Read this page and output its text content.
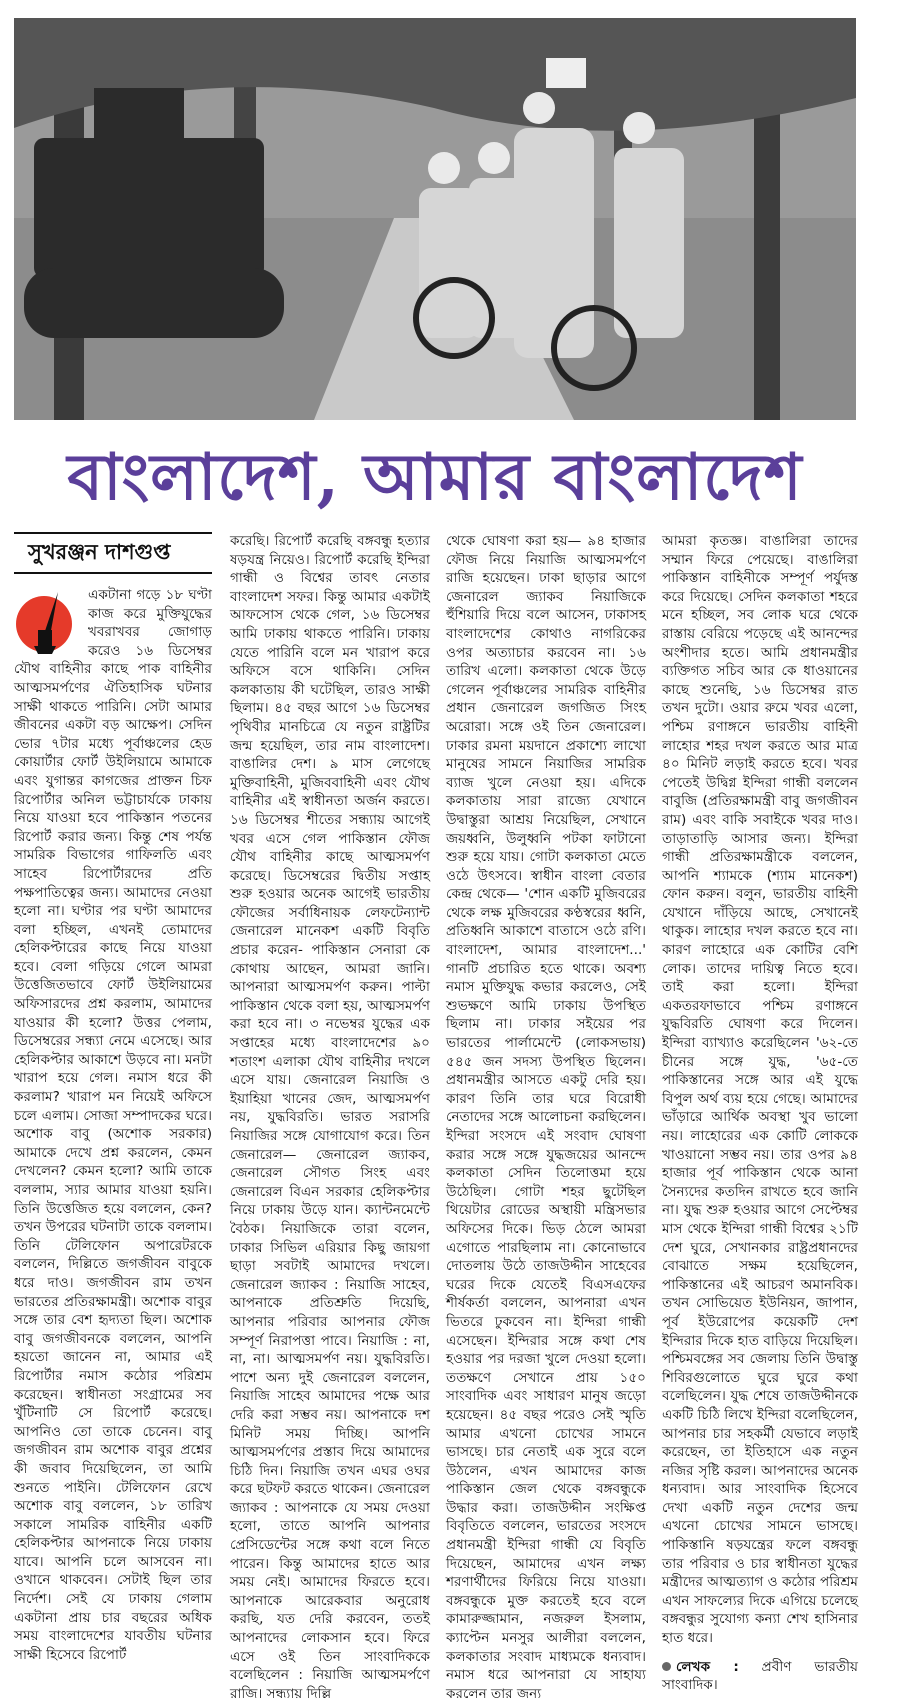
বাংলাদেশ, আমার বাংলাদেশ
সুখরঞ্জন দাশগুপ্ত

একটানা গড়ে ১৮ ঘণ্টা কাজ করে মুক্তিযুদ্ধের খবরাখবর জোগাড় করেও ১৬ ডিসেম্বর যৌথ বাহিনীর কাছে পাক বাহিনীর আত্মসমর্পণের ঐতিহাসিক ঘটনার সাক্ষী থাকতে পারিনি। সেটা আমার জীবনের একটা বড় আক্ষেপ। সেদিন ভোর ৭টার মধ্যে পূর্বাঞ্চলের হেড কোয়ার্টার ফোর্ট উইলিয়ামে আমাকে এবং যুগান্তর কাগজের প্রাক্তন চিফ রিপোর্টার অনিল ভট্টাচার্যকে ঢাকায় নিয়ে যাওয়া হবে পাকিস্তান পতনের রিপোর্ট করার জন্য। কিন্তু শেষ পর্যন্ত সামরিক বিভাগের গাফিলতি এবং সাহেব রিপোর্টারদের প্রতি পক্ষপাতিত্বের জন্য। আমাদের নেওয়া হলো না। ঘণ্টার পর ঘণ্টা আমাদের বলা হচ্ছিল, এখনই তোমাদের হেলিকপ্টারের কাছে নিয়ে যাওয়া হবে। বেলা গড়িয়ে গেলে আমরা উত্তেজিতভাবে ফোর্ট উইলিয়ামের অফিসারদের প্রশ্ন করলাম, আমাদের যাওয়ার কী হলো? উত্তর পেলাম, ডিসেম্বরের সন্ধ্যা নেমে এসেছে। আর হেলিকপ্টার আকাশে উড়বে না। মনটা খারাপ হয়ে গেল। নমাস ধরে কী করলাম? খারাপ মন নিয়েই অফিসে চলে এলাম। সোজা সম্পাদকের ঘরে। অশোক বাবু (অশোক সরকার) আমাকে দেখে প্রশ্ন করলেন, কেমন দেখলেন? কেমন হলো? আমি তাকে বললাম, স্যার আমার যাওয়া হয়নি। তিনি উত্তেজিত হয়ে বললেন, কেন? তখন উপরের ঘটনাটা তাকে বললাম। তিনি টেলিফোন অপারেটরকে বললেন, দিল্লিতে জগজীবন বাবুকে ধরে দাও। জগজীবন রাম তখন ভারতের প্রতিরক্ষামন্ত্রী। অশোক বাবুর সঙ্গে তার বেশ হৃদ্যতা ছিল। অশোক বাবু জগজীবনকে বললেন, আপনি হয়তো জানেন না, আমার এই রিপোর্টার নমাস কঠোর পরিশ্রম করেছেন। স্বাধীনতা সংগ্রামের সব খুঁটিনাটি সে রিপোর্ট করেছে। আপনিও তো তাকে চেনেন। বাবু জগজীবন রাম অশোক বাবুর প্রশ্নের কী জবাব দিয়েছিলেন, তা আমি শুনতে পাইনি। টেলিফোন রেখে অশোক বাবু বললেন, ১৮ তারিখ সকালে সামরিক বাহিনীর একটি হেলিকপ্টার আপনাকে নিয়ে ঢাকায় যাবে। আপনি চলে আসবেন না। ওখানে থাকবেন। সেটাই ছিল তার নির্দেশ। সেই যে ঢাকায় গেলাম একটানা প্রায় চার বছরের অধিক সময় বাংলাদেশের যাবতীয় ঘটনার সাক্ষী হিসেবে রিপোর্ট

করেছি। রিপোর্ট করেছি বঙ্গবন্ধু হত্যার ষড়যন্ত্র নিয়েও। রিপোর্ট করেছি ইন্দিরা গান্ধী ও বিশ্বের তাবৎ নেতার বাংলাদেশ সফর। কিন্তু আমার একটাই আফসোস থেকে গেল, ১৬ ডিসেম্বর আমি ঢাকায় থাকতে পারিনি। ঢাকায় যেতে পারিনি বলে মন খারাপ করে অফিসে বসে থাকিনি। সেদিন কলকাতায় কী ঘটেছিল, তারও সাক্ষী ছিলাম। ৪৫ বছর আগে ১৬ ডিসেম্বর পৃথিবীর মানচিত্রে যে নতুন রাষ্ট্রটির জন্ম হয়েছিল, তার নাম বাংলাদেশ। বাঙালির দেশ। ৯ মাস লেগেছে মুক্তিবাহিনী, মুজিববাহিনী এবং যৌথ বাহিনীর এই স্বাধীনতা অর্জন করতে। ১৬ ডিসেম্বর শীতের সন্ধ্যায় আগেই খবর এসে গেল পাকিস্তান ফৌজ যৌথ বাহিনীর কাছে আত্মসমর্পণ করেছে। ডিসেম্বরের দ্বিতীয় সপ্তাহ শুরু হওয়ার অনেক আগেই ভারতীয় ফৌজের সর্বাধিনায়ক লেফটেন্যান্ট জেনারেল মানেকশ একটি বিবৃতি প্রচার করেন- পাকিস্তান সেনারা কে কোথায় আছেন, আমরা জানি। আপনারা আত্মসমর্পণ করুন। পাল্টা পাকিস্তান থেকে বলা হয়, আত্মসমর্পণ করা হবে না। ৩ নভেম্বর যুদ্ধের এক সপ্তাহের মধ্যে বাংলাদেশের ৯০ শতাংশ এলাকা যৌথ বাহিনীর দখলে এসে যায়। জেনারেল নিয়াজি ও ইয়াহিয়া খানের জেদ, আত্মসমর্পণ নয়, যুদ্ধবিরতি। ভারত সরাসরি নিয়াজির সঙ্গে যোগাযোগ করে। তিন জেনারেল— জেনারেল জ্যাকব, জেনারেল সৌগত সিংহ এবং জেনারেল বিএন সরকার হেলিকপ্টার নিয়ে ঢাকায় উড়ে যান। ক্যান্টনমেন্টে বৈঠক। নিয়াজিকে তারা বলেন, ঢাকার সিভিল এরিয়ার কিছু জায়গা ছাড়া সবটাই আমাদের দখলে। জেনারেল জ্যাকব : নিয়াজি সাহেব, আপনাকে প্রতিশ্রুতি দিয়েছি, আপনার পরিবার আপনার ফৌজ সম্পূর্ণ নিরাপত্তা পাবে। নিয়াজি : না, না, না। আত্মসমর্পণ নয়। যুদ্ধবিরতি। পাশে অন্য দুই জেনারেল বললেন, নিয়াজি সাহেব আমাদের পক্ষে আর দেরি করা সম্ভব নয়। আপনাকে দশ মিনিট সময় দিচ্ছি। আপনি আত্মসমর্পণের প্রস্তাব দিয়ে আমাদের চিঠি দিন। নিয়াজি তখন এঘর ওঘর করে ছটফট করতে থাকেন। জেনারেল জ্যাকব : আপনাকে যে সময় দেওয়া হলো, তাতে আপনি আপনার প্রেসিডেন্টের সঙ্গে কথা বলে নিতে পারেন। কিন্তু আমাদের হাতে আর সময় নেই। আমাদের ফিরতে হবে। আপনাকে আরেকবার অনুরোধ করছি, যত দেরি করবেন, ততই আপনাদের লোকসান হবে। ফিরে এসে ওই তিন সাংবাদিককে বলেছিলেন : নিয়াজি আত্মসমর্পণে রাজি। সন্ধ্যায় দিল্লি

থেকে ঘোষণা করা হয়— ৯৪ হাজার ফৌজ নিয়ে নিয়াজি আত্মসমর্পণে রাজি হয়েছেন। ঢাকা ছাড়ার আগে জেনারেল জ্যাকব নিয়াজিকে হুঁশিয়ারি দিয়ে বলে আসেন, ঢাকাসহ বাংলাদেশের কোথাও নাগরিকের ওপর অত্যাচার করবেন না। ১৬ তারিখ এলো। কলকাতা থেকে উড়ে গেলেন পূর্বাঞ্চলের সামরিক বাহিনীর প্রধান জেনারেল জগজিত সিংহ অরোরা। সঙ্গে ওই তিন জেনারেল। ঢাকার রমনা ময়দানে প্রকাশ্যে লাখো মানুষের সামনে নিয়াজির সামরিক ব্যাজ খুলে নেওয়া হয়। এদিকে কলকাতায় সারা রাজ্যে যেখানে উদ্বাস্তুরা আশ্রয় নিয়েছিল, সেখানে জয়ধ্বনি, উলুধ্বনি পটকা ফাটানো শুরু হয়ে যায়। গোটা কলকাতা মেতে ওঠে উৎসবে। স্বাধীন বাংলা বেতার কেন্দ্র থেকে— 'শোন একটি মুজিবরের থেকে লক্ষ মুজিবরের কণ্ঠস্বরের ধ্বনি, প্রতিধ্বনি আকাশে বাতাসে ওঠে রণি। বাংলাদেশ, আমার বাংলাদেশ...' গানটি প্রচারিত হতে থাকে। অবশ্য নমাস মুক্তিযুদ্ধ কভার করলেও, সেই শুভক্ষণে আমি ঢাকায় উপস্থিত ছিলাম না। ঢাকার সইয়ের পর ভারতের পার্লামেন্টে (লোকসভায়) ৫৪৫ জন সদস্য উপস্থিত ছিলেন। প্রধানমন্ত্রীর আসতে একটু দেরি হয়। কারণ তিনি তার ঘরে বিরোধী নেতাদের সঙ্গে আলোচনা করছিলেন। ইন্দিরা সংসদে এই সংবাদ ঘোষণা করার সঙ্গে সঙ্গে যুদ্ধজয়ের আনন্দে কলকাতা সেদিন তিলোত্তমা হয়ে উঠেছিল। গোটা শহর ছুটেছিল থিয়েটার রোডের অস্থায়ী মন্ত্রিসভার অফিসের দিকে। ভিড় ঠেলে আমরা এগোতে পারছিলাম না। কোনোভাবে দোতলায় উঠে তাজউদ্দীন সাহেবের ঘরের দিকে যেতেই বিএসএফের শীর্ষকর্তা বললেন, আপনারা এখন ভিতরে ঢুকবেন না। ইন্দিরা গান্ধী এসেছেন। ইন্দিরার সঙ্গে কথা শেষ হওয়ার পর দরজা খুলে দেওয়া হলো। ততক্ষণে সেখানে প্রায় ১৫০ সাংবাদিক এবং সাধারণ মানুষ জড়ো হয়েছেন। ৪৫ বছর পরেও সেই স্মৃতি আমার এখনো চোখের সামনে ভাসছে। চার নেতাই এক সুরে বলে উঠলেন, এখন আমাদের কাজ পাকিস্তান জেল থেকে বঙ্গবন্ধুকে উদ্ধার করা। তাজউদ্দীন সংক্ষিপ্ত বিবৃতিতে বললেন, ভারতের সংসদে প্রধানমন্ত্রী ইন্দিরা গান্ধী যে বিবৃতি দিয়েছেন, আমাদের এখন লক্ষ্য শরণার্থীদের ফিরিয়ে নিয়ে যাওয়া। বঙ্গবন্ধুকে মুক্ত করতেই হবে বলে কামারুজ্জামান, নজরুল ইসলাম, ক্যাপ্টেন মনসুর আলীরা বললেন, কলকাতার সংবাদ মাধ্যমকে ধন্যবাদ। নমাস ধরে আপনারা যে সাহায্য করলেন তার জন্য

আমরা কৃতজ্ঞ। বাঙালিরা তাদের সম্মান ফিরে পেয়েছে। বাঙালিরা পাকিস্তান বাহিনীকে সম্পূর্ণ পর্যুদস্ত করে দিয়েছে। সেদিন কলকাতা শহরে মনে হচ্ছিল, সব লোক ঘরে থেকে রাস্তায় বেরিয়ে পড়েছে এই আনন্দের অংশীদার হতে। আমি প্রধানমন্ত্রীর ব্যক্তিগত সচিব আর কে ধাওয়ানের কাছে শুনেছি, ১৬ ডিসেম্বর রাত তখন দুটো। ওয়ার রুমে খবর এলো, পশ্চিম রণাঙ্গনে ভারতীয় বাহিনী লাহোর শহর দখল করতে আর মাত্র ৪০ মিনিট লড়াই করতে হবে। খবর পেতেই উদ্বিগ্ন ইন্দিরা গান্ধী বললেন বাবুজি (প্রতিরক্ষামন্ত্রী বাবু জগজীবন রাম) এবং বাকি সবাইকে খবর দাও। তাড়াতাড়ি আসার জন্য। ইন্দিরা গান্ধী প্রতিরক্ষামন্ত্রীকে বললেন, আপনি শ্যামকে (শ্যাম মানেকশ) ফোন করুন। বলুন, ভারতীয় বাহিনী যেখানে দাঁড়িয়ে আছে, সেখানেই থাকুক। লাহোর দখল করতে হবে না। কারণ লাহোরে এক কোটির বেশি লোক। তাদের দায়িত্ব নিতে হবে। তাই করা হলো। ইন্দিরা একতরফাভাবে পশ্চিম রণাঙ্গনে যুদ্ধবিরতি ঘোষণা করে দিলেন। ইন্দিরা ব্যাখ্যাও করেছিলেন '৬২-তে চীনের সঙ্গে যুদ্ধ, '৬৫-তে পাকিস্তানের সঙ্গে আর এই যুদ্ধে বিপুল অর্থ ব্যয় হয়ে গেছে। আমাদের ভাঁড়ারে আর্থিক অবস্থা খুব ভালো নয়। লাহোরের এক কোটি লোককে খাওয়ানো সম্ভব নয়। তার ওপর ৯৪ হাজার পূর্ব পাকিস্তান থেকে আনা সৈন্যদের কতদিন রাখতে হবে জানি না। যুদ্ধ শুরু হওয়ার আগে সেপ্টেম্বর মাস থেকে ইন্দিরা গান্ধী বিশ্বের ২১টি দেশ ঘুরে, সেখানকার রাষ্ট্রপ্রধানদের বোঝাতে সক্ষম হয়েছিলেন, পাকিস্তানের এই আচরণ অমানবিক। তখন সোভিয়েত ইউনিয়ন, জাপান, পূর্ব ইউরোপের কয়েকটি দেশ ইন্দিরার দিকে হাত বাড়িয়ে দিয়েছিল। পশ্চিমবঙ্গের সব জেলায় তিনি উদ্বাস্তু শিবিরগুলোতে ঘুরে ঘুরে কথা বলেছিলেন। যুদ্ধ শেষে তাজউদ্দীনকে একটি চিঠি লিখে ইন্দিরা বলেছিলেন, আপনার চার সহকর্মী যেভাবে লড়াই করেছেন, তা ইতিহাসে এক নতুন নজির সৃষ্টি করল। আপনাদের অনেক ধন্যবাদ। আর সাংবাদিক হিসেবে দেখা একটি নতুন দেশের জন্ম এখনো চোখের সামনে ভাসছে। পাকিস্তানি ষড়যন্ত্রের ফলে বঙ্গবন্ধু তার পরিবার ও চার স্বাধীনতা যুদ্ধের মন্ত্রীদের আত্মত্যাগ ও কঠোর পরিশ্রম এখন সাফল্যের দিকে এগিয়ে চলেছে বঙ্গবন্ধুর সুযোগ্য কন্যা শেখ হাসিনার হাত ধরে।

লেখক : প্রবীণ ভারতীয় সাংবাদিক।
